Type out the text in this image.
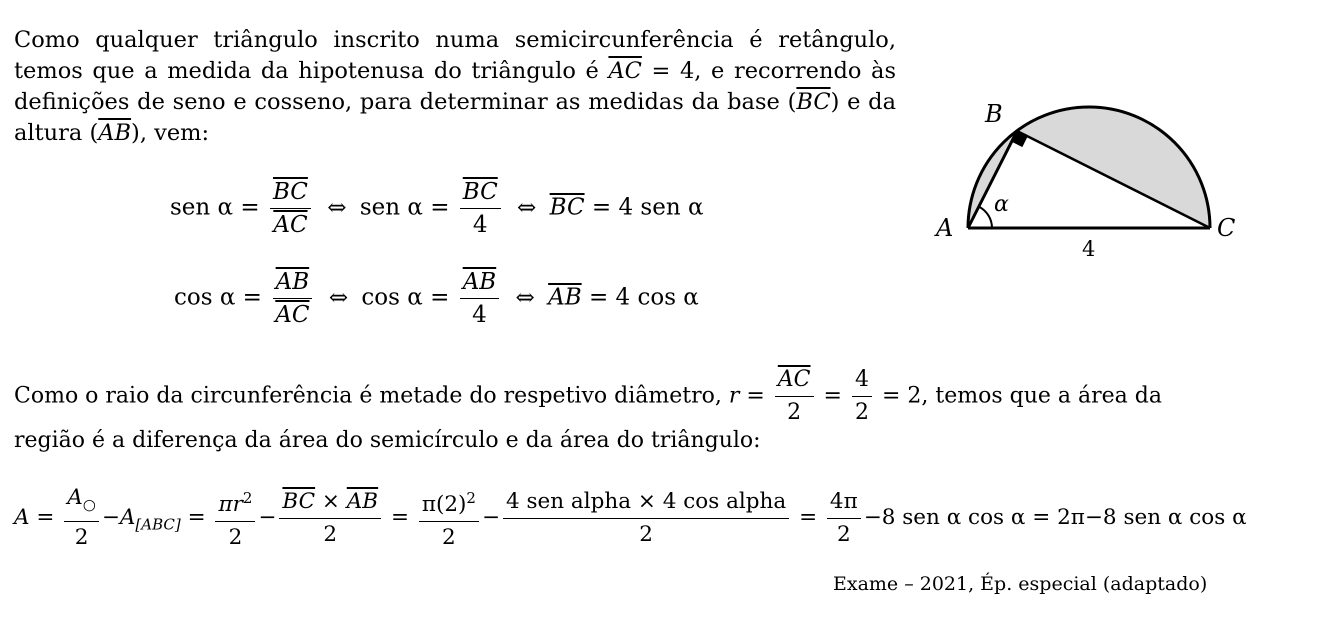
Como qualquer triângulo inscrito numa semicircunferência é retângulo, temos que a medida da hipotenusa do triângulo é $\overline{AC} = 4$, e recorrendo às definições de seno e cosseno, para determinar as medidas da base $(\overline{BC})$ e da altura $(\overline{AB})$, vem:
sen $\alpha = \frac{\overline{BC}}{AC}$ ⇔ sen $\alpha = \frac{\overline{BC}}{4}$ ⇔ $\overline{BC} = 4$ sen α
$\cos \alpha = \frac{\overline{AB}}{AC}$ ⇔ $\cos \alpha = \frac{\overline{AB}}{4}$ ⇔ $\overline{AB} = 4$ cos α
Como o raio da circunferência é metade do respetivo diâmetro, $r = \frac{\overline{AC}}{2} = \frac{4}{2} = 2$, temos que a área da
região é a diferença da área do semicírculo e da área do triângulo:
$A = \frac{A_○}{2} -A_{[ABC]} = \frac{\pi r^2}{2} - \frac{\overline{BC} \times \overline{AB}}{2} = \frac{\pi(2)^2}{2} - \frac{\text{4 sen alpha × 4 cos alpha}}{2} = \frac{4\pi}{2} -8$ sen α cos α = 2π−8 sen α cos α
Exame – 2021, Ép. especial (adaptado)
A
B
C
α
4
